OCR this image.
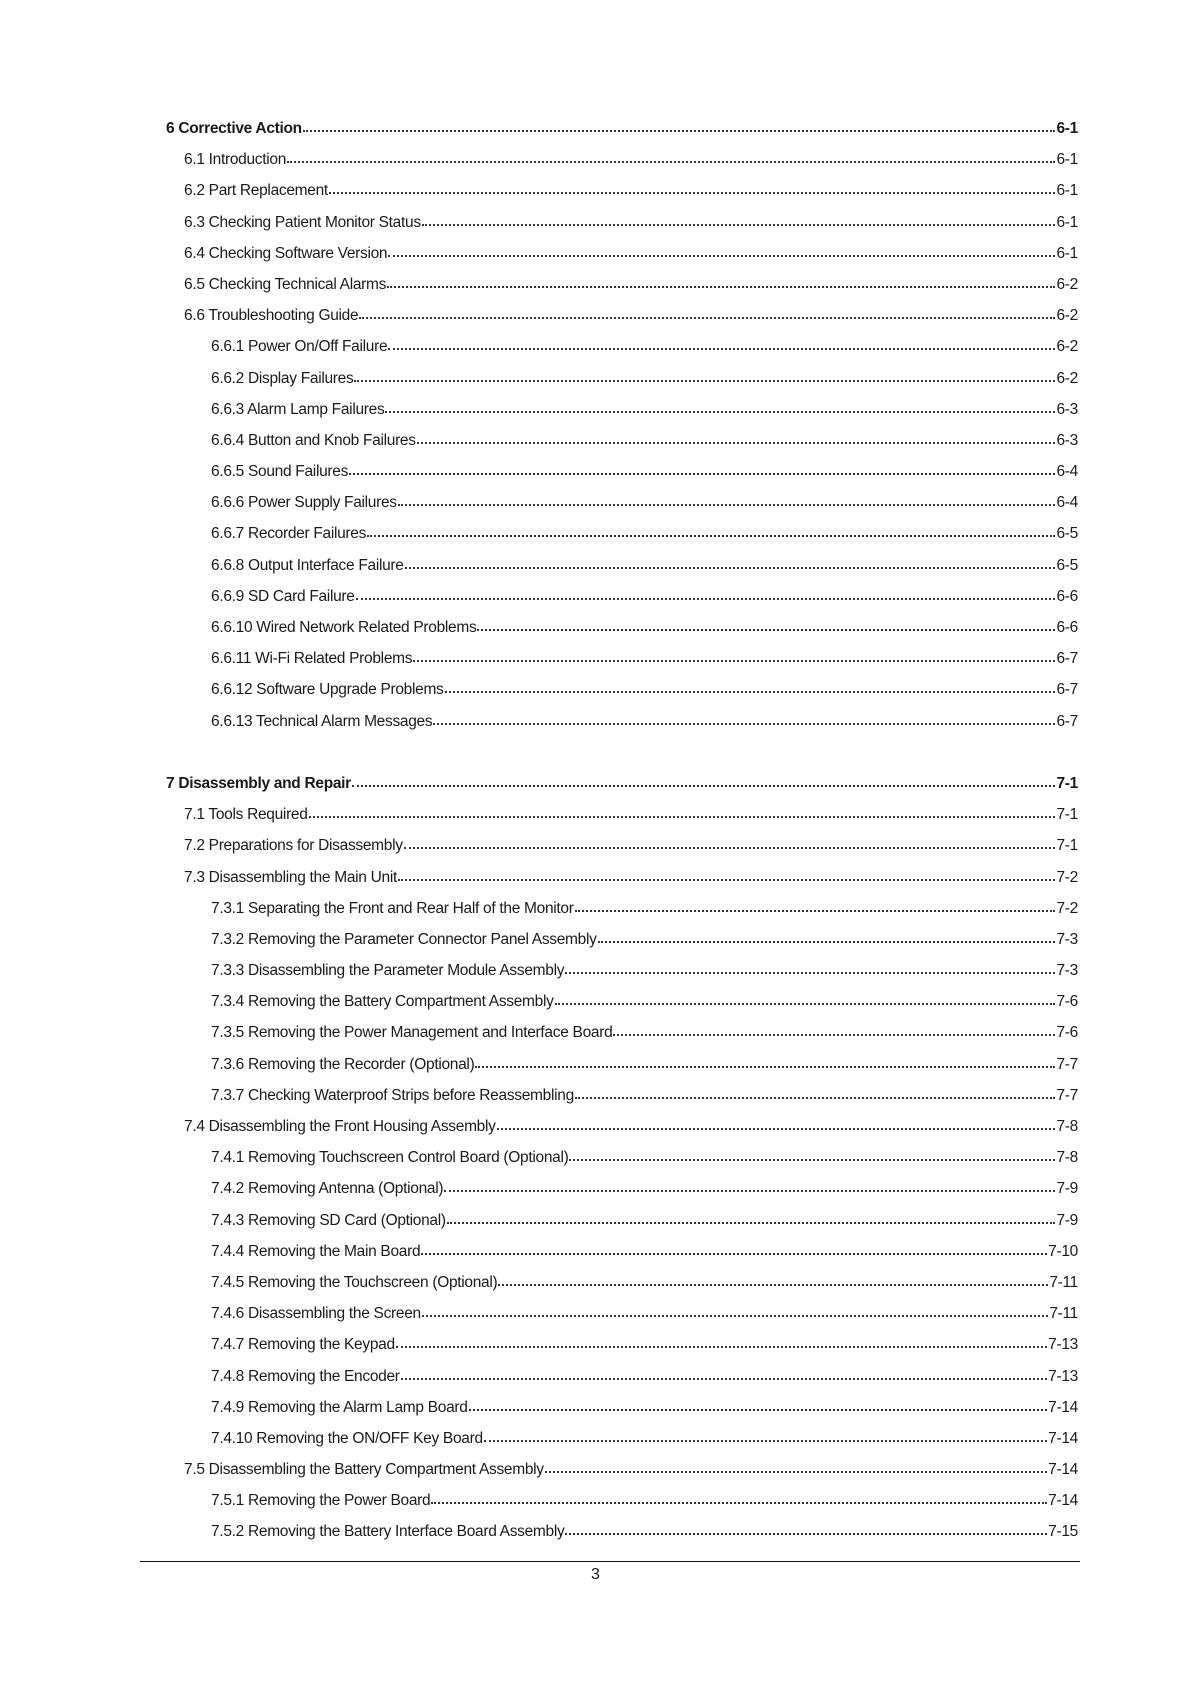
6 Corrective Action	6-1
6.1 Introduction	6-1
6.2 Part Replacement	6-1
6.3 Checking Patient Monitor Status	6-1
6.4 Checking Software Version	6-1
6.5 Checking Technical Alarms	6-2
6.6 Troubleshooting Guide	6-2
6.6.1 Power On/Off Failure	6-2
6.6.2 Display Failures	6-2
6.6.3 Alarm Lamp Failures	6-3
6.6.4 Button and Knob Failures	6-3
6.6.5 Sound Failures	6-4
6.6.6 Power Supply Failures	6-4
6.6.7 Recorder Failures	6-5
6.6.8 Output Interface Failure	6-5
6.6.9 SD Card Failure	6-6
6.6.10 Wired Network Related Problems	6-6
6.6.11 Wi-Fi Related Problems	6-7
6.6.12 Software Upgrade Problems	6-7
6.6.13 Technical Alarm Messages	6-7
7 Disassembly and Repair	7-1
7.1 Tools Required	7-1
7.2 Preparations for Disassembly	7-1
7.3 Disassembling the Main Unit	7-2
7.3.1 Separating the Front and Rear Half of the Monitor	7-2
7.3.2 Removing the Parameter Connector Panel Assembly	7-3
7.3.3 Disassembling the Parameter Module Assembly	7-3
7.3.4 Removing the Battery Compartment Assembly	7-6
7.3.5 Removing the Power Management and Interface Board	7-6
7.3.6 Removing the Recorder (Optional)	7-7
7.3.7 Checking Waterproof Strips before Reassembling	7-7
7.4 Disassembling the Front Housing Assembly	7-8
7.4.1 Removing Touchscreen Control Board (Optional)	7-8
7.4.2 Removing Antenna (Optional)	7-9
7.4.3 Removing SD Card (Optional)	7-9
7.4.4 Removing the Main Board	7-10
7.4.5 Removing the Touchscreen (Optional)	7-11
7.4.6 Disassembling the Screen	7-11
7.4.7 Removing the Keypad	7-13
7.4.8 Removing the Encoder	7-13
7.4.9 Removing the Alarm Lamp Board	7-14
7.4.10 Removing the ON/OFF Key Board	7-14
7.5 Disassembling the Battery Compartment Assembly	7-14
7.5.1 Removing the Power Board	7-14
7.5.2 Removing the Battery Interface Board Assembly	7-15
3
